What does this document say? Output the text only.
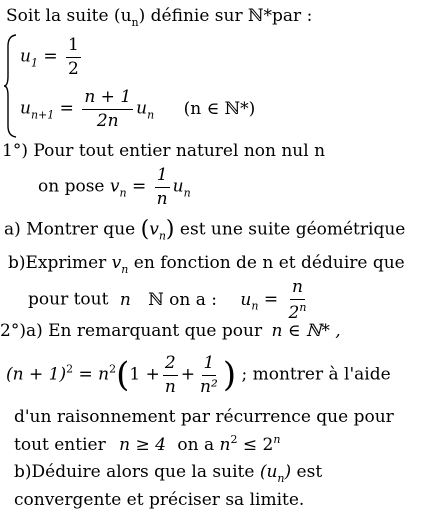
Soit la suite $(u_n)$ définie sur ℕ*par :
$u_1 = \frac{1}{2}$
$u_{n+1} = \frac{n + 1}{2n} u_n$ (n ∈ ℕ*)
1°) Pour tout entier naturel non nul n
on pose $v_n = \frac{1}{n} u_n$
a) Montrer que $(v_n)$ est une suite géométrique
b)Exprimer $v_n$ en fonction de n et déduire que
pour tout n ℕ on a : $u_n = \frac{n}{2^n}$
2°)a) En remarquant que pour n ∈ ℕ* ,
$(n + 1)^2 = n^2(1 + \frac{2}{n} + \frac{1}{\text{n²}}$ ) ; montrer à l'aide
d'un raisonnement par récurrence que pour
tout entier n ≥ 4 on a $n^2 \le 2^n$
b)Déduire alors que la suite $(u_n)$ est
convergente et préciser sa limite.
